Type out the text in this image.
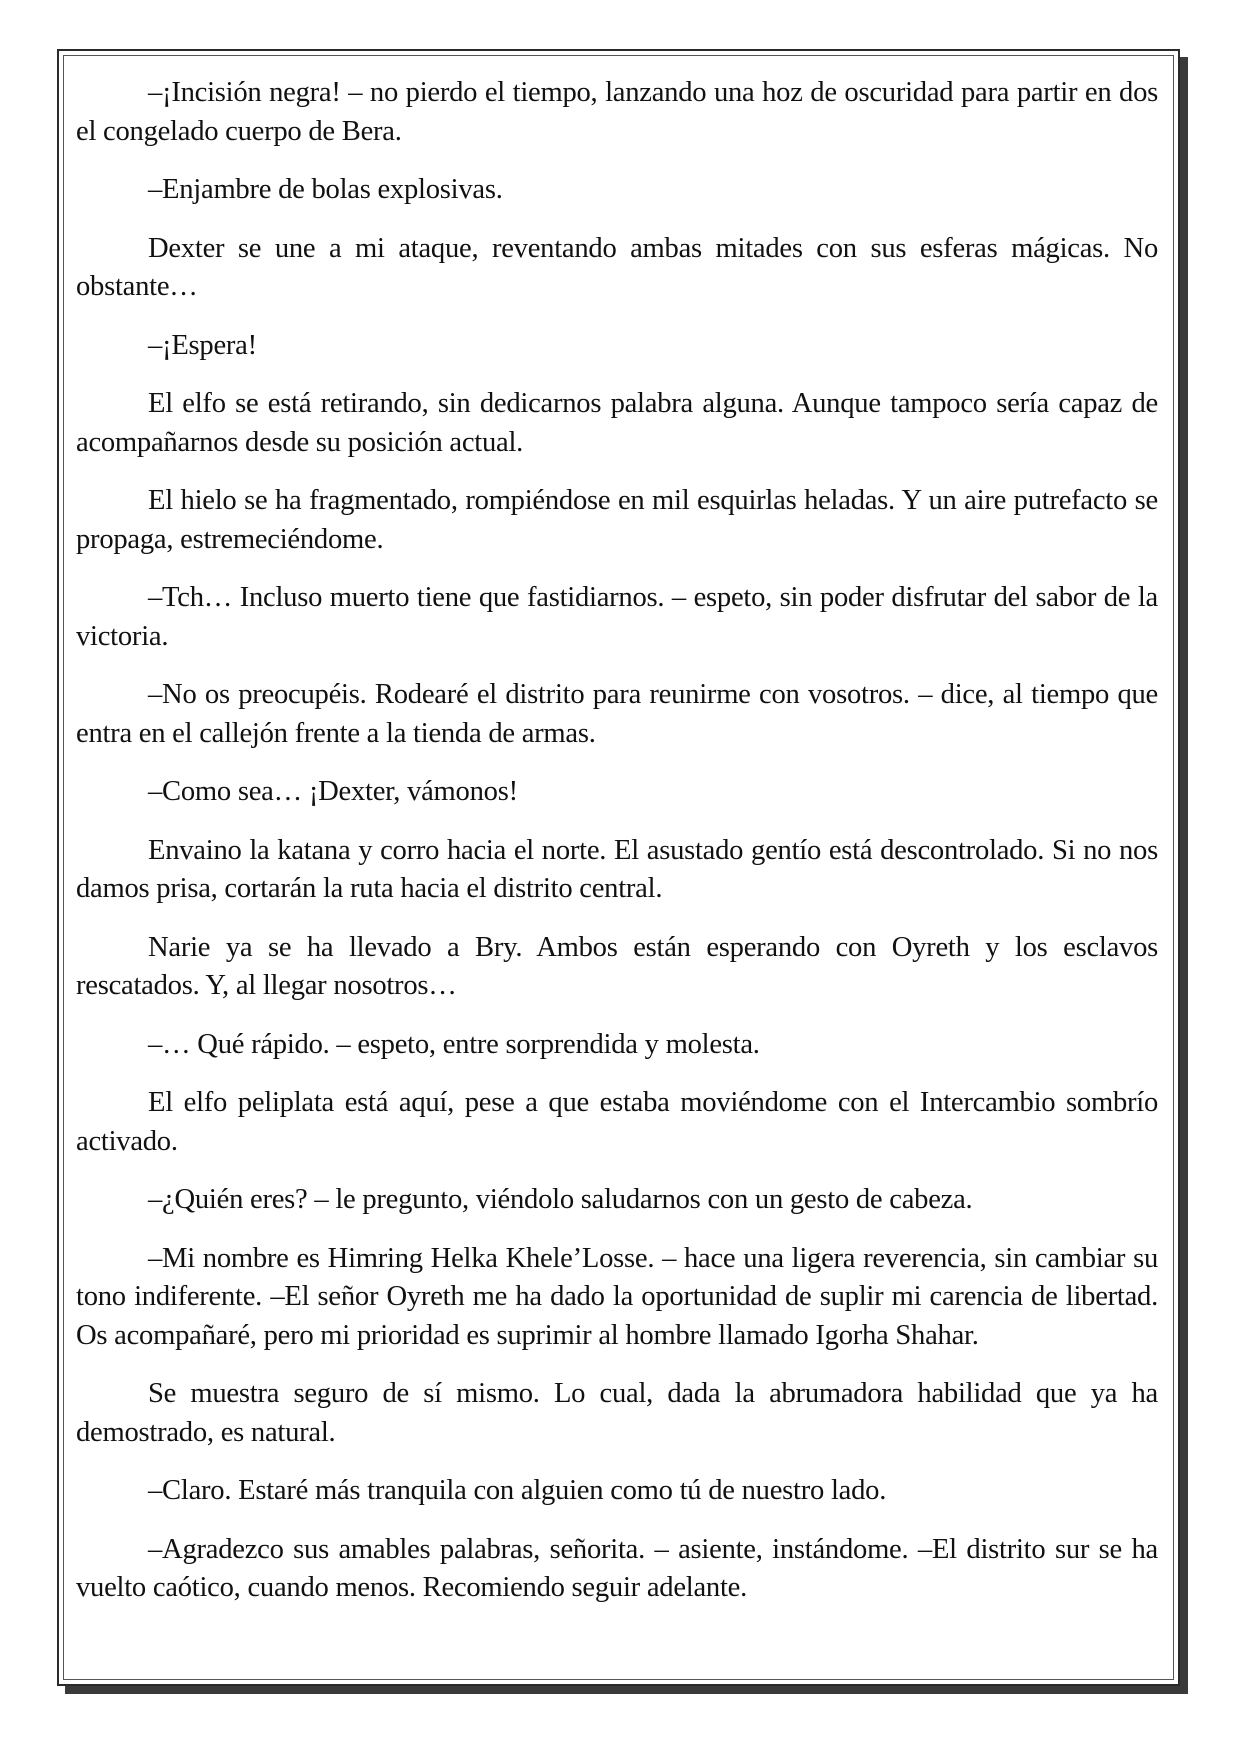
–¡Incisión negra! – no pierdo el tiempo, lanzando una hoz de oscuridad para partir en dos el congelado cuerpo de Bera.

–Enjambre de bolas explosivas.

Dexter se une a mi ataque, reventando ambas mitades con sus esferas mágicas. No obstante…

–¡Espera!

El elfo se está retirando, sin dedicarnos palabra alguna. Aunque tampoco sería capaz de acompañarnos desde su posición actual.

El hielo se ha fragmentado, rompiéndose en mil esquirlas heladas. Y un aire putrefacto se propaga, estremeciéndome.

–Tch… Incluso muerto tiene que fastidiarnos. – espeto, sin poder disfrutar del sabor de la victoria.

–No os preocupéis. Rodearé el distrito para reunirme con vosotros. – dice, al tiempo que entra en el callejón frente a la tienda de armas.

–Como sea… ¡Dexter, vámonos!

Envaino la katana y corro hacia el norte. El asustado gentío está descontrolado. Si no nos damos prisa, cortarán la ruta hacia el distrito central.

Narie ya se ha llevado a Bry. Ambos están esperando con Oyreth y los esclavos rescatados. Y, al llegar nosotros…

–… Qué rápido. – espeto, entre sorprendida y molesta.

El elfo peliplata está aquí, pese a que estaba moviéndome con el Intercambio sombrío activado.

–¿Quién eres? – le pregunto, viéndolo saludarnos con un gesto de cabeza.

–Mi nombre es Himring Helka Khele’Losse. – hace una ligera reverencia, sin cambiar su tono indiferente. –El señor Oyreth me ha dado la oportunidad de suplir mi carencia de libertad. Os acompañaré, pero mi prioridad es suprimir al hombre llamado Igorha Shahar.

Se muestra seguro de sí mismo. Lo cual, dada la abrumadora habilidad que ya ha demostrado, es natural.

–Claro. Estaré más tranquila con alguien como tú de nuestro lado.

–Agradezco sus amables palabras, señorita. – asiente, instándome. –El distrito sur se ha vuelto caótico, cuando menos. Recomiendo seguir adelante.
